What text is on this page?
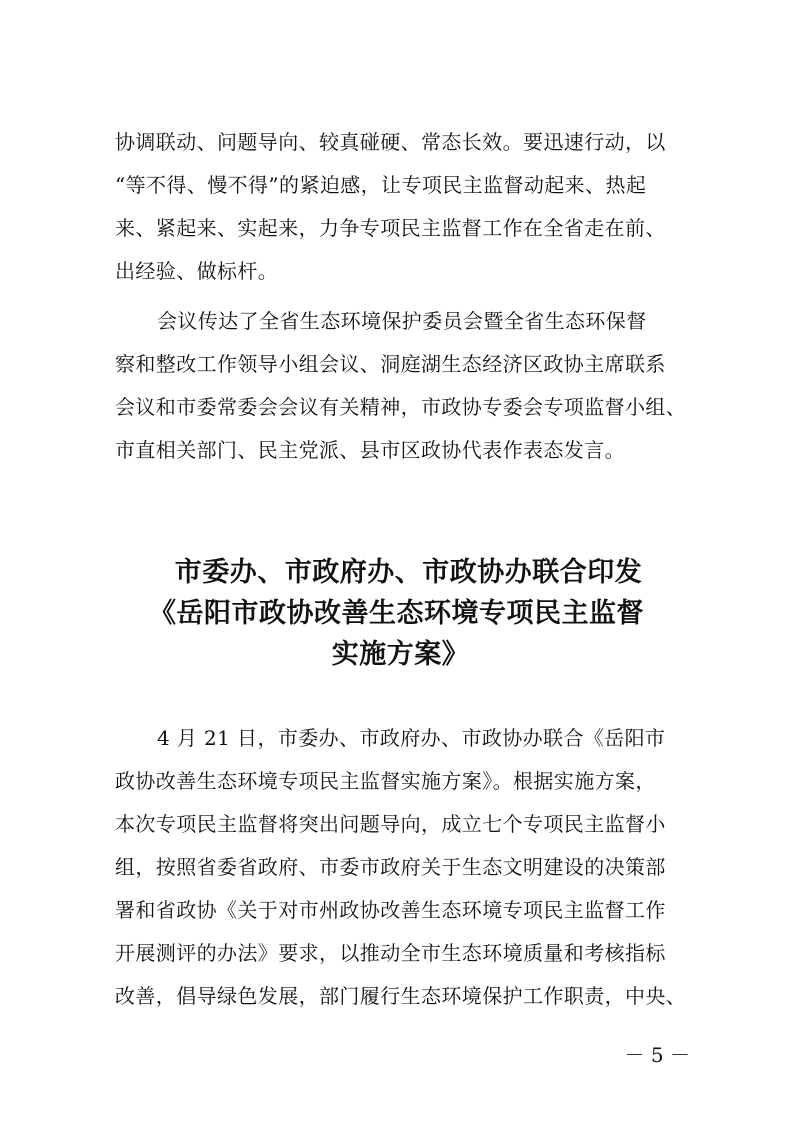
协调联动、问题导向、较真碰硬、常态长效。要迅速行动，以
“等不得、慢不得”的紧迫感，让专项民主监督动起来、热起
来、紧起来、实起来，力争专项民主监督工作在全省走在前、
出经验、做标杆。
会议传达了全省生态环境保护委员会暨全省生态环保督
察和整改工作领导小组会议、洞庭湖生态经济区政协主席联系
会议和市委常委会会议有关精神，市政协专委会专项监督小组、
市直相关部门、民主党派、县市区政协代表作表态发言。
市委办、市政府办、市政协办联合印发
《岳阳市政协改善生态环境专项民主监督
实施方案》
4 月 21 日，市委办、市政府办、市政协办联合《岳阳市
政协改善生态环境专项民主监督实施方案》。根据实施方案，
本次专项民主监督将突出问题导向，成立七个专项民主监督小
组，按照省委省政府、市委市政府关于生态文明建设的决策部
署和省政协《关于对市州政协改善生态环境专项民主监督工作
开展测评的办法》要求，以推动全市生态环境质量和考核指标
改善，倡导绿色发展，部门履行生态环境保护工作职责，中央、
－ 5 －
